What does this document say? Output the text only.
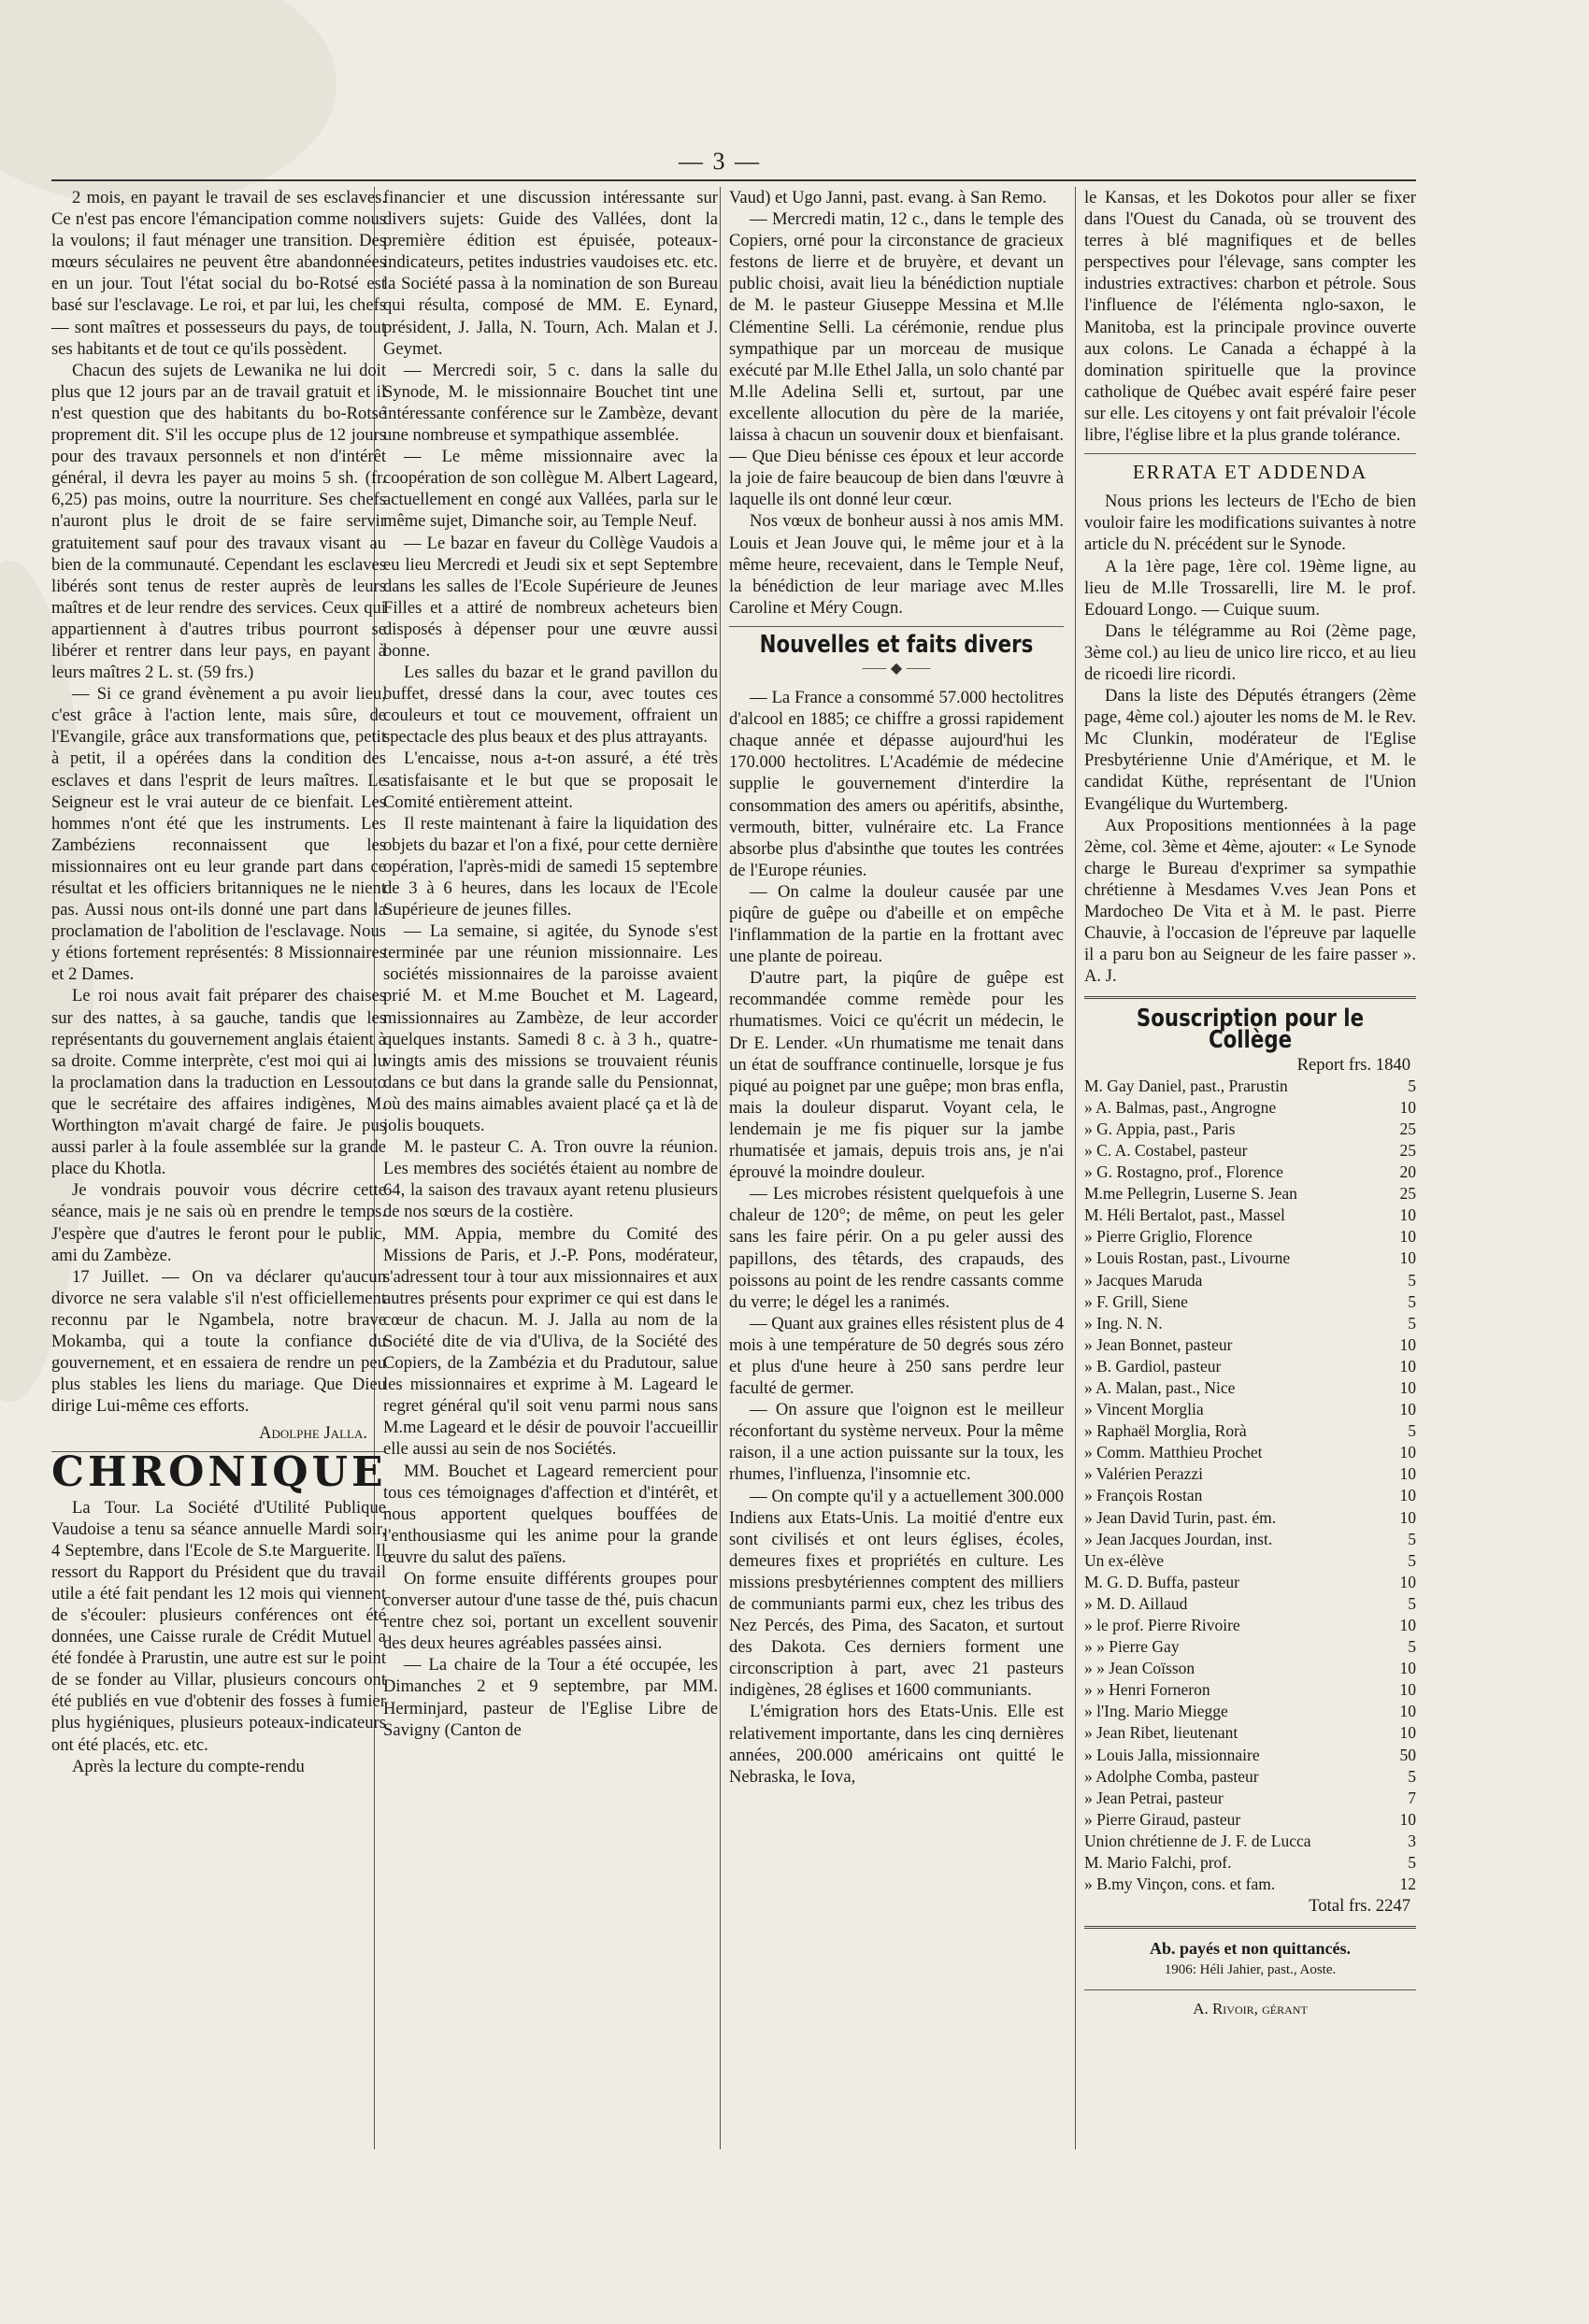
— 3 —

2 mois, en payant le travail de ses esclaves. Ce n'est pas encore l'émancipation comme nous la voulons; il faut ménager une transition. Des mœurs séculaires ne peuvent être abandonnées en un jour. Tout l'état social du bo-Rotsé est basé sur l'esclavage. Le roi, et par lui, les chefs — sont maîtres et possesseurs du pays, de tout ses habitants et de tout ce qu'ils possèdent.

Chacun des sujets de Lewanika ne lui doit plus que 12 jours par an de travail gratuit et il n'est question que des habitants du bo-Rotsé proprement dit. S'il les occupe plus de 12 jours pour des travaux personnels et non d'intérêt général, il devra les payer au moins 5 sh. (fr. 6,25) pas moins, outre la nourriture. Ses chefs n'auront plus le droit de se faire servir gratuitement sauf pour des travaux visant au bien de la communauté. Cependant les esclaves libérés sont tenus de rester auprès de leurs maîtres et de leur rendre des services. Ceux qui appartiennent à d'autres tribus pourront se libérer et rentrer dans leur pays, en payant à leurs maîtres 2 L. st. (59 frs.)

— Si ce grand évènement a pu avoir lieu, c'est grâce à l'action lente, mais sûre, de l'Evangile, grâce aux transformations que, petit à petit, il a opérées dans la condition des esclaves et dans l'esprit de leurs maîtres. Le Seigneur est le vrai auteur de ce bienfait. Les hommes n'ont été que les instruments. Les Zambéziens reconnaissent que les missionnaires ont eu leur grande part dans ce résultat et les officiers britanniques ne le nient pas. Aussi nous ont-ils donné une part dans la proclamation de l'abolition de l'esclavage. Nous y étions fortement représentés: 8 Missionnaires et 2 Dames.

Le roi nous avait fait préparer des chaises sur des nattes, à sa gauche, tandis que les représentants du gouvernement anglais étaient à sa droite. Comme interprète, c'est moi qui ai lu la proclamation dans la traduction en Lessouto que le secrétaire des affaires indigènes, M. Worthington m'avait chargé de faire. Je pus aussi parler à la foule assemblée sur la grande place du Khotla.

Je vondrais pouvoir vous décrire cette séance, mais je ne sais où en prendre le temps. J'espère que d'autres le feront pour le public, ami du Zambèze.

17 Juillet. — On va déclarer qu'aucun divorce ne sera valable s'il n'est officiellement reconnu par le Ngambela, notre brave Mokamba, qui a toute la confiance du gouvernement, et en essaiera de rendre un peu plus stables les liens du mariage. Que Dieu dirige Lui-même ces efforts.

Adolphe Jalla.
CHRONIQUE

La Tour. La Société d'Utilité Publique Vaudoise a tenu sa séance annuelle Mardi soir, 4 Septembre, dans l'Ecole de S.te Marguerite. Il ressort du Rapport du Président que du travail utile a été fait pendant les 12 mois qui viennent de s'écouler: plusieurs conférences ont été données, une Caisse rurale de Crédit Mutuel a été fondée à Prarustin, une autre est sur le point de se fonder au Villar, plusieurs concours ont été publiés en vue d'obtenir des fosses à fumier plus hygiéniques, plusieurs poteaux-indicateurs ont été placés, etc. etc.

Après la lecture du compte-rendu

financier et une discussion intéressante sur divers sujets: Guide des Vallées, dont la première édition est épuisée, poteaux-indicateurs, petites industries vaudoises etc. etc. la Société passa à la nomination de son Bureau qui résulta, composé de MM. E. Eynard, président, J. Jalla, N. Tourn, Ach. Malan et J. Geymet.

— Mercredi soir, 5 c. dans la salle du Synode, M. le missionnaire Bouchet tint une intéressante conférence sur le Zambèze, devant une nombreuse et sympathique assemblée.

— Le même missionnaire avec la coopération de son collègue M. Albert Lageard, actuellement en congé aux Vallées, parla sur le même sujet, Dimanche soir, au Temple Neuf.

— Le bazar en faveur du Collège Vaudois a eu lieu Mercredi et Jeudi six et sept Septembre dans les salles de l'Ecole Supérieure de Jeunes Filles et a attiré de nombreux acheteurs bien disposés à dépenser pour une œuvre aussi bonne.

Les salles du bazar et le grand pavillon du buffet, dressé dans la cour, avec toutes ces couleurs et tout ce mouvement, offraient un spectacle des plus beaux et des plus attrayants.

L'encaisse, nous a-t-on assuré, a été très satisfaisante et le but que se proposait le Comité entièrement atteint.

Il reste maintenant à faire la liquidation des objets du bazar et l'on a fixé, pour cette dernière opération, l'après-midi de samedi 15 septembre de 3 à 6 heures, dans les locaux de l'Ecole Supérieure de jeunes filles.

— La semaine, si agitée, du Synode s'est terminée par une réunion missionnaire. Les sociétés missionnaires de la paroisse avaient prié M. et M.me Bouchet et M. Lageard, missionnaires au Zambèze, de leur accorder quelques instants. Samedi 8 c. à 3 h., quatre-vingts amis des missions se trouvaient réunis dans ce but dans la grande salle du Pensionnat, où des mains aimables avaient placé ça et là de jolis bouquets.

M. le pasteur C. A. Tron ouvre la réunion. Les membres des sociétés étaient au nombre de 64, la saison des travaux ayant retenu plusieurs de nos sœurs de la costière.

MM. Appia, membre du Comité des Missions de Paris, et J.-P. Pons, modérateur, s'adressent tour à tour aux missionnaires et aux autres présents pour exprimer ce qui est dans le cœur de chacun. M. J. Jalla au nom de la Société dite de via d'Uliva, de la Société des Copiers, de la Zambézia et du Pradutour, salue les missionnaires et exprime à M. Lageard le regret général qu'il soit venu parmi nous sans M.me Lageard et le désir de pouvoir l'accueillir elle aussi au sein de nos Sociétés.

MM. Bouchet et Lageard remercient pour tous ces témoignages d'affection et d'intérêt, et nous apportent quelques bouffées de l'enthousiasme qui les anime pour la grande œuvre du salut des païens.

On forme ensuite différents groupes pour converser autour d'une tasse de thé, puis chacun rentre chez soi, portant un excellent souvenir des deux heures agréables passées ainsi.

— La chaire de la Tour a été occupée, les Dimanches 2 et 9 septembre, par MM. Herminjard, pasteur de l'Eglise Libre de Savigny (Canton de

Vaud) et Ugo Janni, past. evang. à San Remo.

— Mercredi matin, 12 c., dans le temple des Copiers, orné pour la circonstance de gracieux festons de lierre et de bruyère, et devant un public choisi, avait lieu la bénédiction nuptiale de M. le pasteur Giuseppe Messina et M.lle Clémentine Selli. La cérémonie, rendue plus sympathique par un morceau de musique exécuté par M.lle Ethel Jalla, un solo chanté par M.lle Adelina Selli et, surtout, par une excellente allocution du père de la mariée, laissa à chacun un souvenir doux et bienfaisant. — Que Dieu bénisse ces époux et leur accorde la joie de faire beaucoup de bien dans l'œuvre à laquelle ils ont donné leur cœur.

Nos vœux de bonheur aussi à nos amis MM. Louis et Jean Jouve qui, le même jour et à la même heure, recevaient, dans le Temple Neuf, la bénédiction de leur mariage avec M.lles Caroline et Méry Cougn.

Nouvelles et faits divers
⸺ ◆ ⸺

— La France a consommé 57.000 hectolitres d'alcool en 1885; ce chiffre a grossi rapidement chaque année et dépasse aujourd'hui les 170.000 hectolitres. L'Académie de médecine supplie le gouvernement d'interdire la consommation des amers ou apéritifs, absinthe, vermouth, bitter, vulnéraire etc. La France absorbe plus d'absinthe que toutes les contrées de l'Europe réunies.

— On calme la douleur causée par une piqûre de guêpe ou d'abeille et on empêche l'inflammation de la partie en la frottant avec une plante de poireau.

D'autre part, la piqûre de guêpe est recommandée comme remède pour les rhumatismes. Voici ce qu'écrit un médecin, le Dr E. Lender. «Un rhumatisme me tenait dans un état de souffrance continuelle, lorsque je fus piqué au poignet par une guêpe; mon bras enfla, mais la douleur disparut. Voyant cela, le lendemain je me fis piquer sur la jambe rhumatisée et jamais, depuis trois ans, je n'ai éprouvé la moindre douleur.

— Les microbes résistent quelquefois à une chaleur de 120°; de même, on peut les geler sans les faire périr. On a pu geler aussi des papillons, des têtards, des crapauds, des poissons au point de les rendre cassants comme du verre; le dégel les a ranimés.

— Quant aux graines elles résistent plus de 4 mois à une température de 50 degrés sous zéro et plus d'une heure à 250 sans perdre leur faculté de germer.

— On assure que l'oignon est le meilleur réconfortant du système nerveux. Pour la même raison, il a une action puissante sur la toux, les rhumes, l'influenza, l'insomnie etc.

— On compte qu'il y a actuellement 300.000 Indiens aux Etats-Unis. La moitié d'entre eux sont civilisés et ont leurs églises, écoles, demeures fixes et propriétés en culture. Les missions presbytériennes comptent des milliers de communiants parmi eux, chez les tribus des Nez Percés, des Pima, des Sacaton, et surtout des Dakota. Ces derniers forment une circonscription à part, avec 21 pasteurs indigènes, 28 églises et 1600 communiants.

L'émigration hors des Etats-Unis. Elle est relativement importante, dans les cinq dernières années, 200.000 américains ont quitté le Nebraska, le Iova,

le Kansas, et les Dokotos pour aller se fixer dans l'Ouest du Canada, où se trouvent des terres à blé magnifiques et de belles perspectives pour l'élevage, sans compter les industries extractives: charbon et pétrole. Sous l'influence de l'élémenta nglo-saxon, le Manitoba, est la principale province ouverte aux colons. Le Canada a échappé à la domination spirituelle que la province catholique de Québec avait espéré faire peser sur elle. Les citoyens y ont fait prévaloir l'école libre, l'église libre et la plus grande tolérance.

ERRATA ET ADDENDA

Nous prions les lecteurs de l'Echo de bien vouloir faire les modifications suivantes à notre article du N. précédent sur le Synode.

A la 1ère page, 1ère col. 19ème ligne, au lieu de M.lle Trossarelli, lire M. le prof. Edouard Longo. — Cuique suum.

Dans le télégramme au Roi (2ème page, 3ème col.) au lieu de unico lire ricco, et au lieu de ricoedi lire ricordi.

Dans la liste des Députés étrangers (2ème page, 4ème col.) ajouter les noms de M. le Rev. Mc Clunkin, modérateur de l'Eglise Presbytérienne Unie d'Amérique, et M. le candidat Küthe, représentant de l'Union Evangélique du Wurtemberg.

Aux Propositions mentionnées à la page 2ème, col. 3ème et 4ème, ajouter: « Le Synode charge le Bureau d'exprimer sa sympathie chrétienne à Mesdames V.ves Jean Pons et Mardocheo De Vita et à M. le past. Pierre Chauvie, à l'occasion de l'épreuve par laquelle il a paru bon au Seigneur de les faire passer ». A. J.

Souscription pour le Collège
Report frs. 1840
M. Gay Daniel, past., Prarustin	5
» A. Balmas, past., Angrogne	10
» G. Appia, past., Paris	25
» C. A. Costabel, pasteur	25
» G. Rostagno, prof., Florence	20
M.me Pellegrin, Luserne S. Jean	25
M. Héli Bertalot, past., Massel	10
» Pierre Griglio, Florence	10
» Louis Rostan, past., Livourne	10
» Jacques Maruda	5
» F. Grill, Siene	5
» Ing. N. N.	5
» Jean Bonnet, pasteur	10
» B. Gardiol, pasteur	10
» A. Malan, past., Nice	10
» Vincent Morglia	10
» Raphaël Morglia, Rorà	5
» Comm. Matthieu Prochet	10
» Valérien Perazzi	10
» François Rostan	10
» Jean David Turin, past. ém.	10
» Jean Jacques Jourdan, inst.	5
Un ex-élève	5
M. G. D. Buffa, pasteur	10
» M. D. Aillaud	5
» le prof. Pierre Rivoire	10
» » Pierre Gay	5
» » Jean Coïsson	10
» » Henri Forneron	10
» l'Ing. Mario Miegge	10
» Jean Ribet, lieutenant	10
» Louis Jalla, missionnaire	50
» Adolphe Comba, pasteur	5
» Jean Petrai, pasteur	7
» Pierre Giraud, pasteur	10
Union chrétienne de J. F. de Lucca	3
M. Mario Falchi, prof.	5
» B.my Vinçon, cons. et fam.	12
Total frs. 2247
Ab. payés et non quittancés.
1906: Héli Jahier, past., Aoste.
A. Rivoir, gérant
